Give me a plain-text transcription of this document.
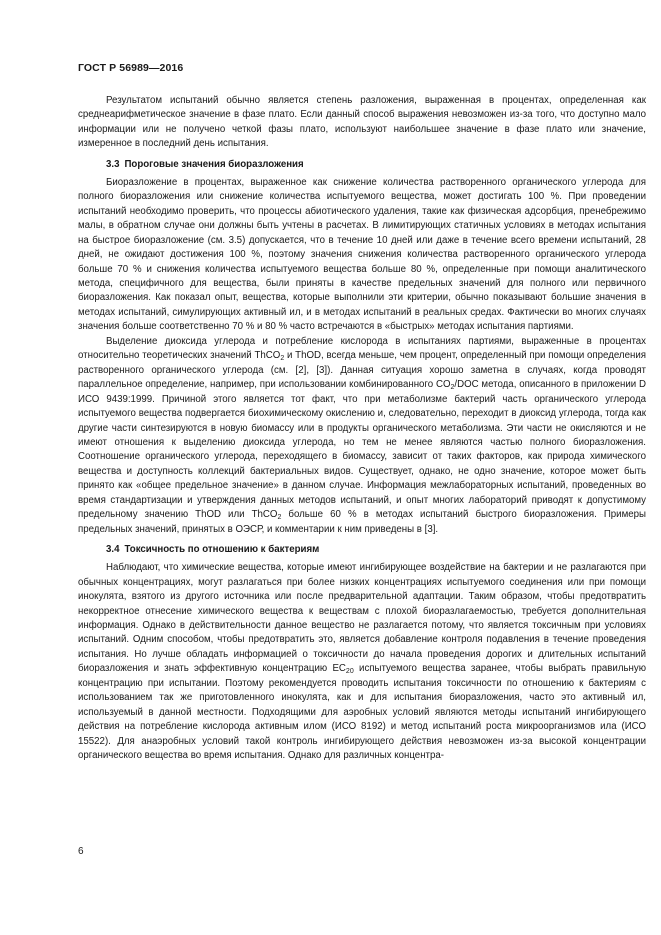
ГОСТ Р 56989—2016

Результатом испытаний обычно является степень разложения, выраженная в процентах, определенная как среднеарифметическое значение в фазе плато. Если данный способ выражения невозможен из-за того, что доступно мало информации или не получено четкой фазы плато, используют наибольшее значение в фазе плато или значение, измеренное в последний день испытания.

3.3 Пороговые значения биоразложения

Биоразложение в процентах, выраженное как снижение количества растворенного органического углерода для полного биоразложения или снижение количества испытуемого вещества, может достигать 100 %. При проведении испытаний необходимо проверить, что процессы абиотического удаления, такие как физическая адсорбция, пренебрежимо малы, в обратном случае они должны быть учтены в расчетах. В лимитирующих статичных условиях в методах испытания на быстрое биоразложение (см. 3.5) допускается, что в течение 10 дней или даже в течение всего времени испытаний, 28 дней, не ожидают достижения 100 %, поэтому значения снижения количества растворенного органического углерода больше 70 % и снижения количества испытуемого вещества больше 80 %, определенные при помощи аналитического метода, специфичного для вещества, были приняты в качестве предельных значений для полного или первичного биоразложения. Как показал опыт, вещества, которые выполнили эти критерии, обычно показывают большие значения в методах испытаний, симулирующих активный ил, и в методах испытаний в реальных средах. Фактически во многих случаях значения больше соответственно 70 % и 80 % часто встречаются в «быстрых» методах испытания партиями.

Выделение диоксида углерода и потребление кислорода в испытаниях партиями, выраженные в процентах относительно теоретических значений ThCO$_2$ и ThOD, всегда меньше, чем процент, определенный при помощи определения растворенного органического углерода (см. [2], [3]). Данная ситуация хорошо заметна в случаях, когда проводят параллельное определение, например, при использовании комбинированного $CO_2$/DOC метода, описанного в приложении D ИСО 9439:1999. Причиной этого является тот факт, что при метаболизме бактерий часть органического углерода испытуемого вещества подвергается биохимическому окислению и, следовательно, переходит в диоксид углерода, тогда как другие части синтезируются в новую биомассу или в продукты органического метаболизма. Эти части не окисляются и не имеют отношения к выделению диоксида углерода, но тем не менее являются частью полного биоразложения. Соотношение органического углерода, переходящего в биомассу, зависит от таких факторов, как природа химического вещества и доступность коллекций бактериальных видов. Существует, однако, не одно значение, которое может быть принято как «общее предельное значение» в данном случае. Информация межлабораторных испытаний, проведенных во время стандартизации и утверждения данных методов испытаний, и опыт многих лабораторий приводят к допустимому предельному значению ThOD или ThCO$_2$ больше 60 % в методах испытаний быстрого биоразложения. Примеры предельных значений, принятых в ОЭСР, и комментарии к ним приведены в [3].

3.4 Токсичность по отношению к бактериям

Наблюдают, что химические вещества, которые имеют ингибирующее воздействие на бактерии и не разлагаются при обычных концентрациях, могут разлагаться при более низких концентрациях испытуемого соединения или при помощи инокулята, взятого из другого источника или после предварительной адаптации. Таким образом, чтобы предотвратить некорректное отнесение химического вещества к веществам с плохой биоразлагаемостью, требуется дополнительная информация. Однако в действительности данное вещество не разлагается потому, что является токсичным при условиях испытаний. Одним способом, чтобы предотвратить это, является добавление контроля подавления в течение проведения испытания. Но лучше обладать информацией о токсичности до начала проведения дорогих и длительных испытаний биоразложения и знать эффективную концентрацию $EC_{20}$ испытуемого вещества заранее, чтобы выбрать правильную концентрацию при испытании. Поэтому рекомендуется проводить испытания токсичности по отношению к бактериям с использованием так же приготовленного инокулята, как и для испытания биоразложения, часто это активный ил, используемый в данной местности. Подходящими для аэробных условий являются методы испытаний ингибирующего действия на потребление кислорода активным илом (ИСО 8192) и метод испытаний роста микроорганизмов ила (ИСО 15522). Для анаэробных условий такой контроль ингибирующего действия невозможен из-за высокой концентрации органического вещества во время испытания. Однако для различных концентра-

6
